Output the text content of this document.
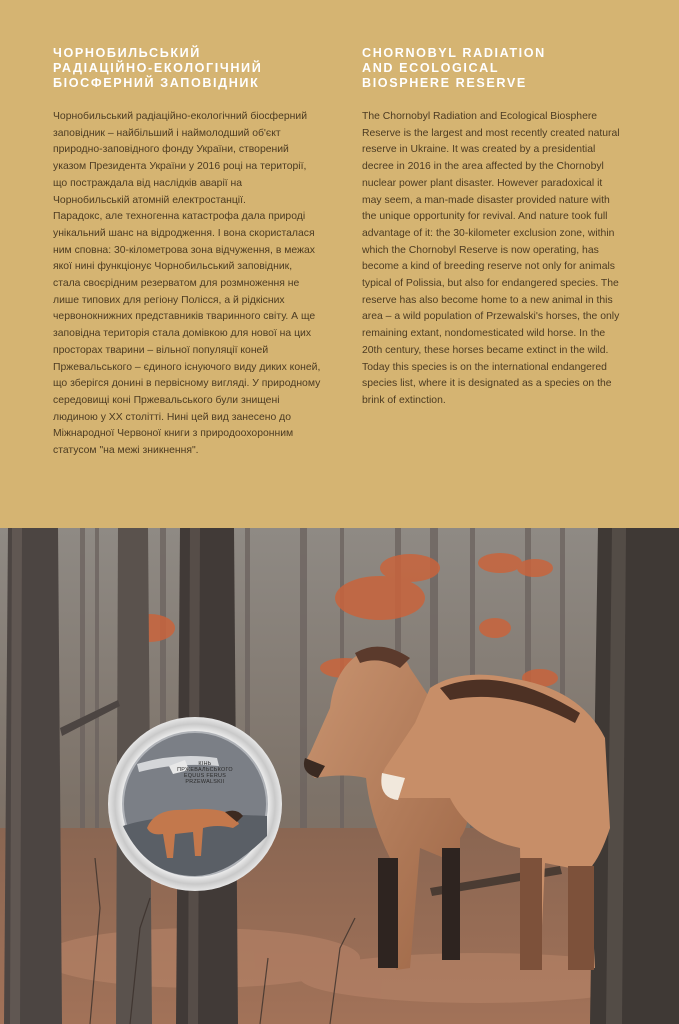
ЧОРНОБИЛЬСЬКИЙ
РАДІАЦІЙНО-ЕКОЛОГІЧНИЙ
БІОСФЕРНИЙ ЗАПОВІДНИК

Чорнобильський радіаційно-екологічний біосферний заповідник – найбільший і наймолодший об'єкт природно-заповідного фонду України, створений указом Президента України у 2016 році на території, що постраждала від наслідків аварії на Чорнобильській атомній електростанції.

Парадокс, але техногенна катастрофа дала природі унікальний шанс на відродження. І вона скористалася ним сповна: 30-кілометрова зона відчуження, в межах якої нині функціонує Чорнобильський заповідник, стала своєрідним резерватом для розмноження не лише типових для регіону Полісся, а й рідкісних червонокнижних представників тваринного світу. А ще заповідна територія стала домівкою для нової на цих просторах тварини – вільної популяції коней Пржевальського – єдиного існуючого виду диких коней, що зберігся донині в первісному вигляді. У природному середовищі коні Пржевальського були знищені людиною у XX столітті. Нині цей вид занесено до Міжнародної Червоної книги з природоохоронним статусом "на межі зникнення".

CHORNOBYL RADIATION
AND ECOLOGICAL
BIOSPHERE RESERVE

The Chornobyl Radiation and Ecological Biosphere Reserve is the largest and most recently created natural reserve in Ukraine. It was created by a presidential decree in 2016 in the area affected by the Chornobyl nuclear power plant disaster. However paradoxical it may seem, a man-made disaster provided nature with the unique opportunity for revival. And nature took full advantage of it: the 30-kilometer exclusion zone, within which the Chornobyl Reserve is now operating, has become a kind of breeding reserve not only for animals typical of Polissia, but also for endangered species. The reserve has also become home to a new animal in this area – a wild population of Przewalski's horses, the only remaining extant, nondomesticated wild horse. In the 20th century, these horses became extinct in the wild. Today this species is on the international endangered species list, where it is designated as a species on the brink of extinction.

КІНЬ
ПРЖЕВАЛЬСЬКОГО
EQUUS FERUS PRZEWALSKII
